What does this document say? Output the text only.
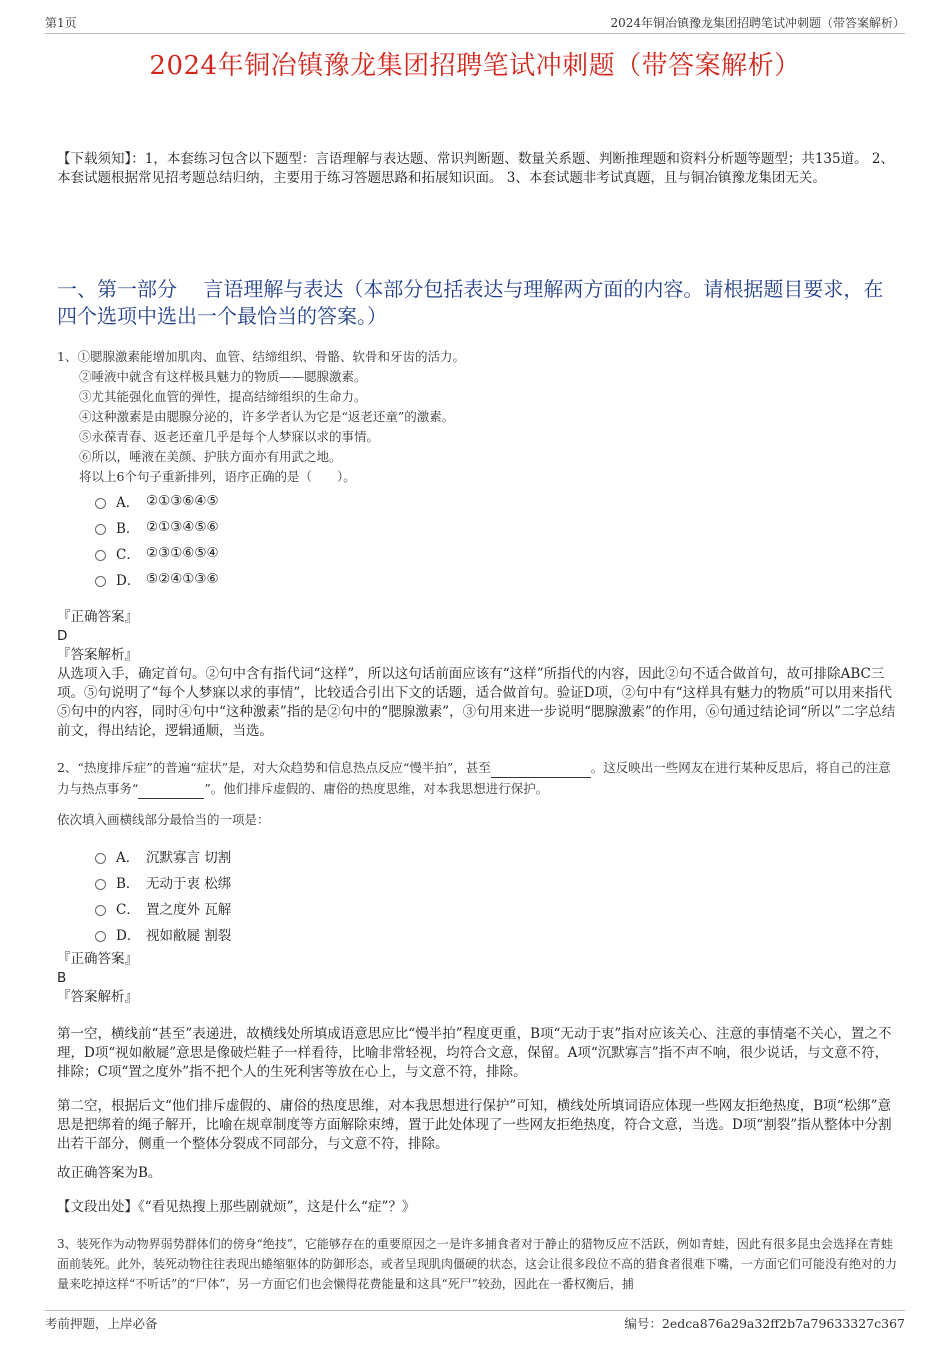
第1页	2024年铜冶镇豫龙集团招聘笔试冲刺题（带答案解析）
2024年铜冶镇豫龙集团招聘笔试冲刺题（带答案解析）
【下载须知】：1，本套练习包含以下题型：言语理解与表达题、常识判断题、数量关系题、判断推理题和资料分析题等题型；共135道。 2、本套试题根据常见招考题总结归纳，主要用于练习答题思路和拓展知识面。 3、本套试题非考试真题，且与铜冶镇豫龙集团无关。
一、第一部分　 言语理解与表达（本部分包括表达与理解两方面的内容。请根据题目要求，在四个选项中选出一个最恰当的答案。）
1、①腮腺激素能增加肌肉、血管、结缔组织、骨骼、软骨和牙齿的活力。
②唾液中就含有这样极具魅力的物质——腮腺激素。
③尤其能强化血管的弹性，提高结缔组织的生命力。
④这种激素是由腮腺分泌的，许多学者认为它是“返老还童”的激素。
⑤永葆青春、返老还童几乎是每个人梦寐以求的事情。
⑥所以，唾液在美颜、护肤方面亦有用武之地。
将以上6个句子重新排列，语序正确的是（　　）。
A． ②①③⑥④⑤
B． ②①③④⑤⑥
C． ②③①⑥⑤④
D． ⑤②④①③⑥
『正确答案』
D
『答案解析』
从选项入手，确定首句。②句中含有指代词“这样”，所以这句话前面应该有“这样”所指代的内容，因此②句不适合做首句，故可排除ABC三项。⑤句说明了“每个人梦寐以求的事情”，比较适合引出下文的话题，适合做首句。验证D项，②句中有“这样具有魅力的物质”可以用来指代⑤句中的内容，同时④句中“这种激素”指的是②句中的“腮腺激素”，③句用来进一步说明“腮腺激素”的作用，⑥句通过结论词“所以”二字总结前文，得出结论，逻辑通顺，当选。
2、“热度排斥症”的普遍“症状”是，对大众趋势和信息热点反应“慢半拍”，甚至	。这反映出一些网友在进行某种反思后，将自己的注意力与热点事务“	”。他们排斥虚假的、庸俗的热度思维，对本我思想进行保护。
依次填入画横线部分最恰当的一项是：
A． 沉默寡言 切割
B． 无动于衷 松绑
C． 置之度外 瓦解
D． 视如敝屣 割裂
『正确答案』
B
『答案解析』
第一空，横线前“甚至”表递进，故横线处所填成语意思应比“慢半拍”程度更重，B项“无动于衷”指对应该关心、注意的事情毫不关心，置之不理，D项“视如敝屣”意思是像破烂鞋子一样看待，比喻非常轻视，均符合文意，保留。A项“沉默寡言”指不声不响，很少说话，与文意不符，排除；C项“置之度外”指不把个人的生死利害等放在心上，与文意不符，排除。
第二空，根据后文“他们排斥虚假的、庸俗的热度思维，对本我思想进行保护”可知，横线处所填词语应体现一些网友拒绝热度，B项“松绑”意思是把绑着的绳子解开，比喻在规章制度等方面解除束缚，置于此处体现了一些网友拒绝热度，符合文意，当选。D项“割裂”指从整体中分割出若干部分，侧重一个整体分裂成不同部分，与文意不符，排除。
故正确答案为B。
【文段出处】《“看见热搜上那些剧就烦”，这是什么“症”？》
3、装死作为动物界弱势群体们的傍身“绝技”，它能够存在的重要原因之一是许多捕食者对于静止的猎物反应不活跃，例如青蛙，因此有很多昆虫会选择在青蛙面前装死。此外，装死动物往往表现出蜷缩躯体的防御形态，或者呈现肌肉僵硬的状态，这会让很多段位不高的猎食者很难下嘴，一方面它们可能没有绝对的力量来吃掉这样“不听话”的“尸体”，另一方面它们也会懒得花费能量和这具“死尸”较劲，因此在一番权衡后，捕
考前押题，上岸必备	编号：2edca876a29a32ff2b7a79633327c367
